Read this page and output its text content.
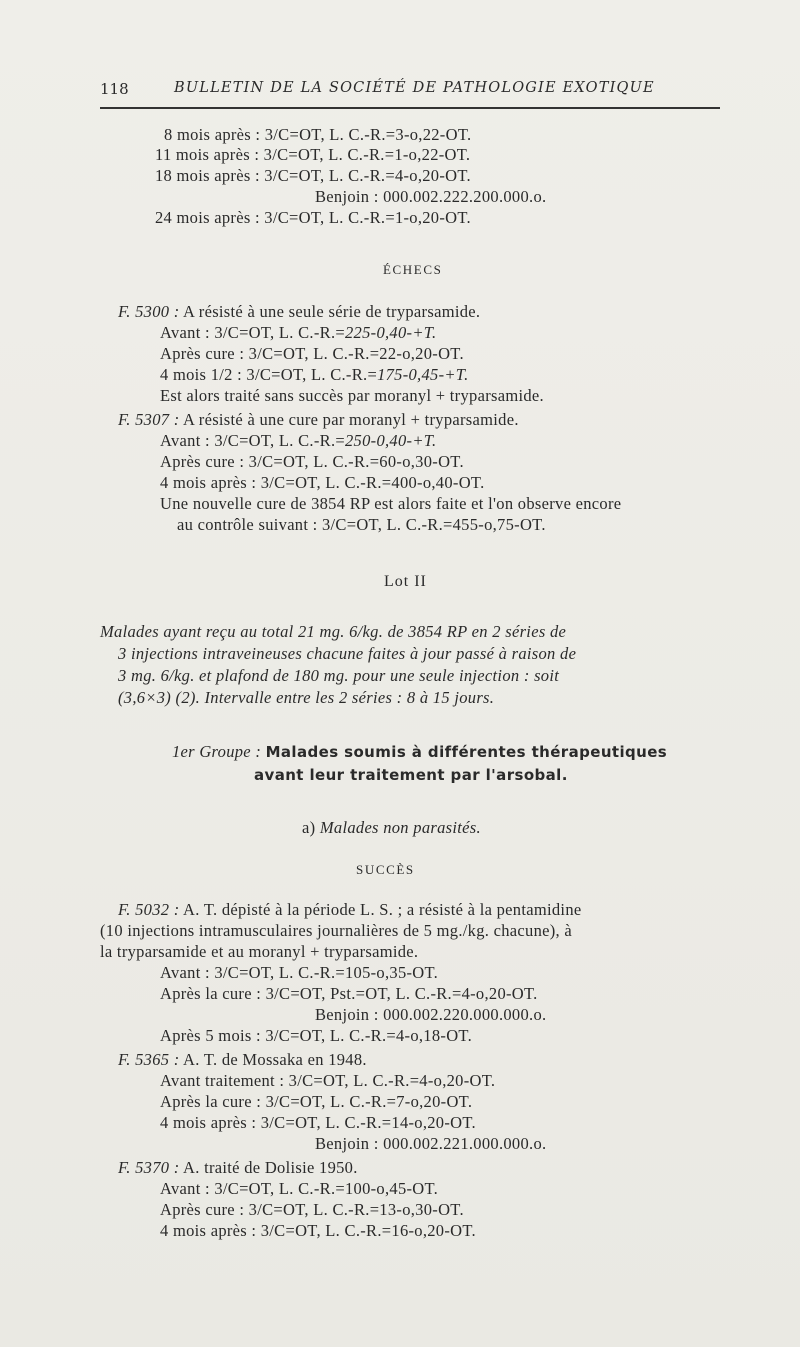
118	BULLETIN DE LA SOCIÉTÉ DE PATHOLOGIE EXOTIQUE
8 mois après : 3/C=OT, L. C.-R.=3-o,22-OT.
11 mois après : 3/C=OT, L. C.-R.=1-o,22-OT.
18 mois après : 3/C=OT, L. C.-R.=4-o,20-OT.
Benjoin : 000.002.222.200.000.o.
24 mois après : 3/C=OT, L. C.-R.=1-o,20-OT.
ÉCHECS
F. 5300 : A résisté à une seule série de tryparsamide.
Avant : 3/C=OT, L. C.-R.=225-0,40-+T.
Après cure : 3/C=OT, L. C.-R.=22-o,20-OT.
4 mois 1/2 : 3/C=OT, L. C.-R.=175-0,45-+T.
Est alors traité sans succès par moranyl + tryparsamide.
F. 5307 : A résisté à une cure par moranyl + tryparsamide.
Avant : 3/C=OT, L. C.-R.=250-0,40-+T.
Après cure : 3/C=OT, L. C.-R.=60-o,30-OT.
4 mois après : 3/C=OT, L. C.-R.=400-o,40-OT.
Une nouvelle cure de 3854 RP est alors faite et l'on observe encore
au contrôle suivant : 3/C=OT, L. C.-R.=455-o,75-OT.
Lot II
Malades ayant reçu au total 21 mg. 6/kg. de 3854 RP en 2 séries de
3 injections intraveineuses chacune faites à jour passé à raison de
3 mg. 6/kg. et plafond de 180 mg. pour une seule injection : soit
(3,6×3) (2). Intervalle entre les 2 séries : 8 à 15 jours.
1er Groupe : Malades soumis à différentes thérapeutiques
avant leur traitement par l'arsobal.
a) Malades non parasités.
SUCCÈS
F. 5032 : A. T. dépisté à la période L. S. ; a résisté à la pentamidine
(10 injections intramusculaires journalières de 5 mg./kg. chacune), à
la tryparsamide et au moranyl + tryparsamide.
Avant : 3/C=OT, L. C.-R.=105-o,35-OT.
Après la cure : 3/C=OT, Pst.=OT, L. C.-R.=4-o,20-OT.
Benjoin : 000.002.220.000.000.o.
Après 5 mois : 3/C=OT, L. C.-R.=4-o,18-OT.
F. 5365 : A. T. de Mossaka en 1948.
Avant traitement : 3/C=OT, L. C.-R.=4-o,20-OT.
Après la cure : 3/C=OT, L. C.-R.=7-o,20-OT.
4 mois après : 3/C=OT, L. C.-R.=14-o,20-OT.
Benjoin : 000.002.221.000.000.o.
F. 5370 : A. traité de Dolisie 1950.
Avant : 3/C=OT, L. C.-R.=100-o,45-OT.
Après cure : 3/C=OT, L. C.-R.=13-o,30-OT.
4 mois après : 3/C=OT, L. C.-R.=16-o,20-OT.
